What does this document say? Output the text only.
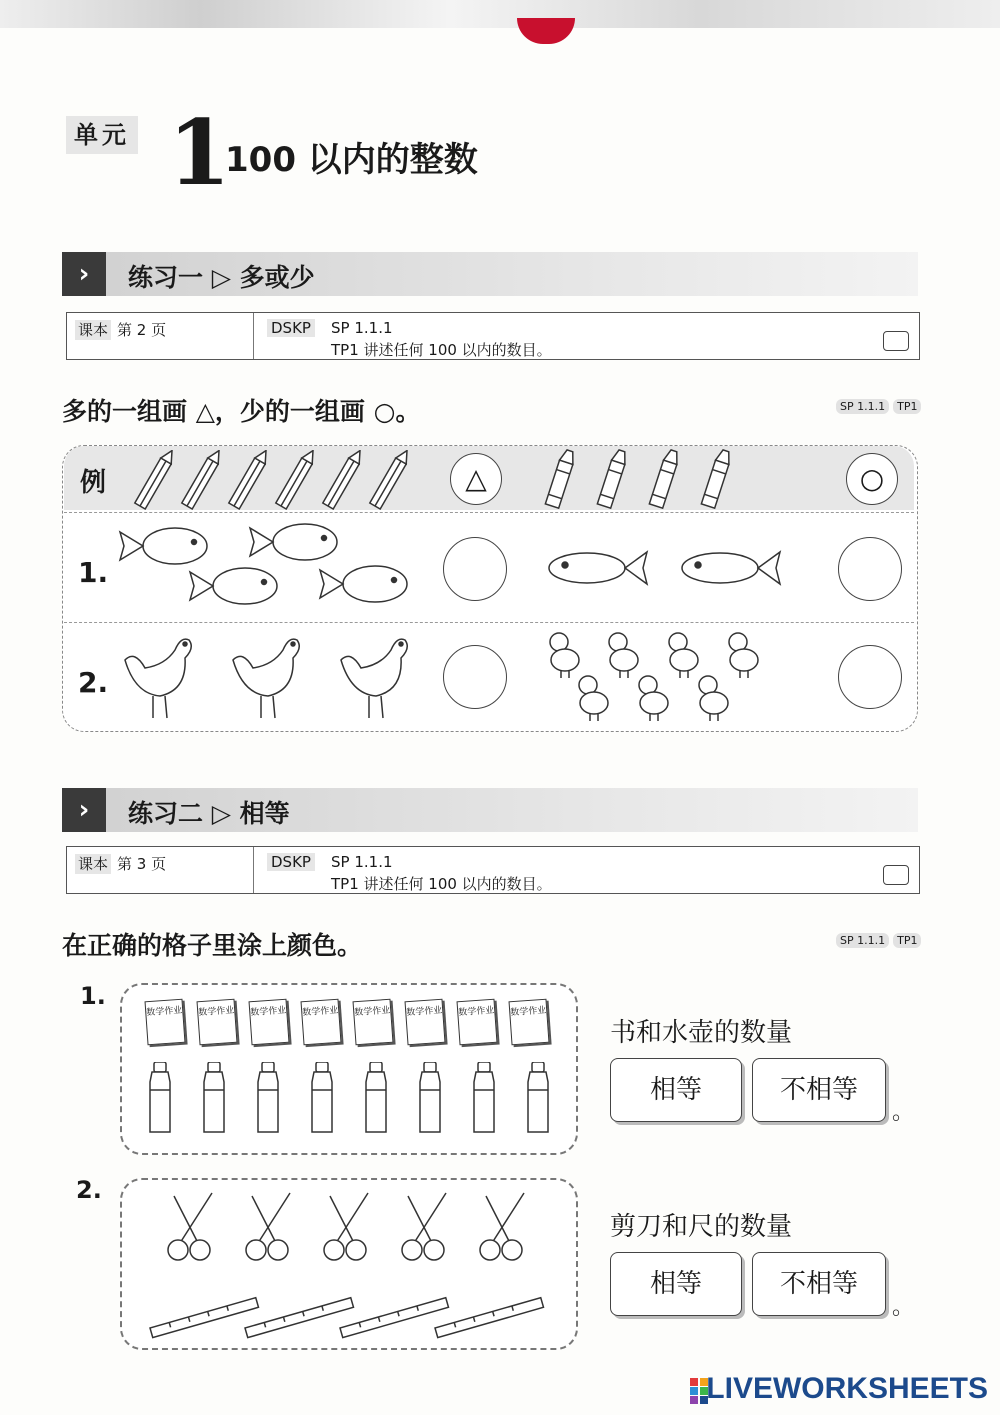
单元 1
100 以内的整数
›	练习一 ▷ 多或少
课本 第 2 页	DSKP SP 1.1.1
TP1 讲述任何 100 以内的数目。
多的一组画 △，少的一组画 ○。	SP 1.1.1 TP1
例	△	○
1.
2.
›	练习二 ▷ 相等
课本 第 3 页	DSKP SP 1.1.1
TP1 讲述任何 100 以内的数目。
在正确的格子里涂上颜色。	SP 1.1.1 TP1
1.
数学作业	数学作业	数学作业	数学作业	数学作业	数学作业	数学作业	数学作业
书和水壶的数量
相等	不相等
。
2.
剪刀和尺的数量
相等	不相等
。
LIVEWORKSHEETS
